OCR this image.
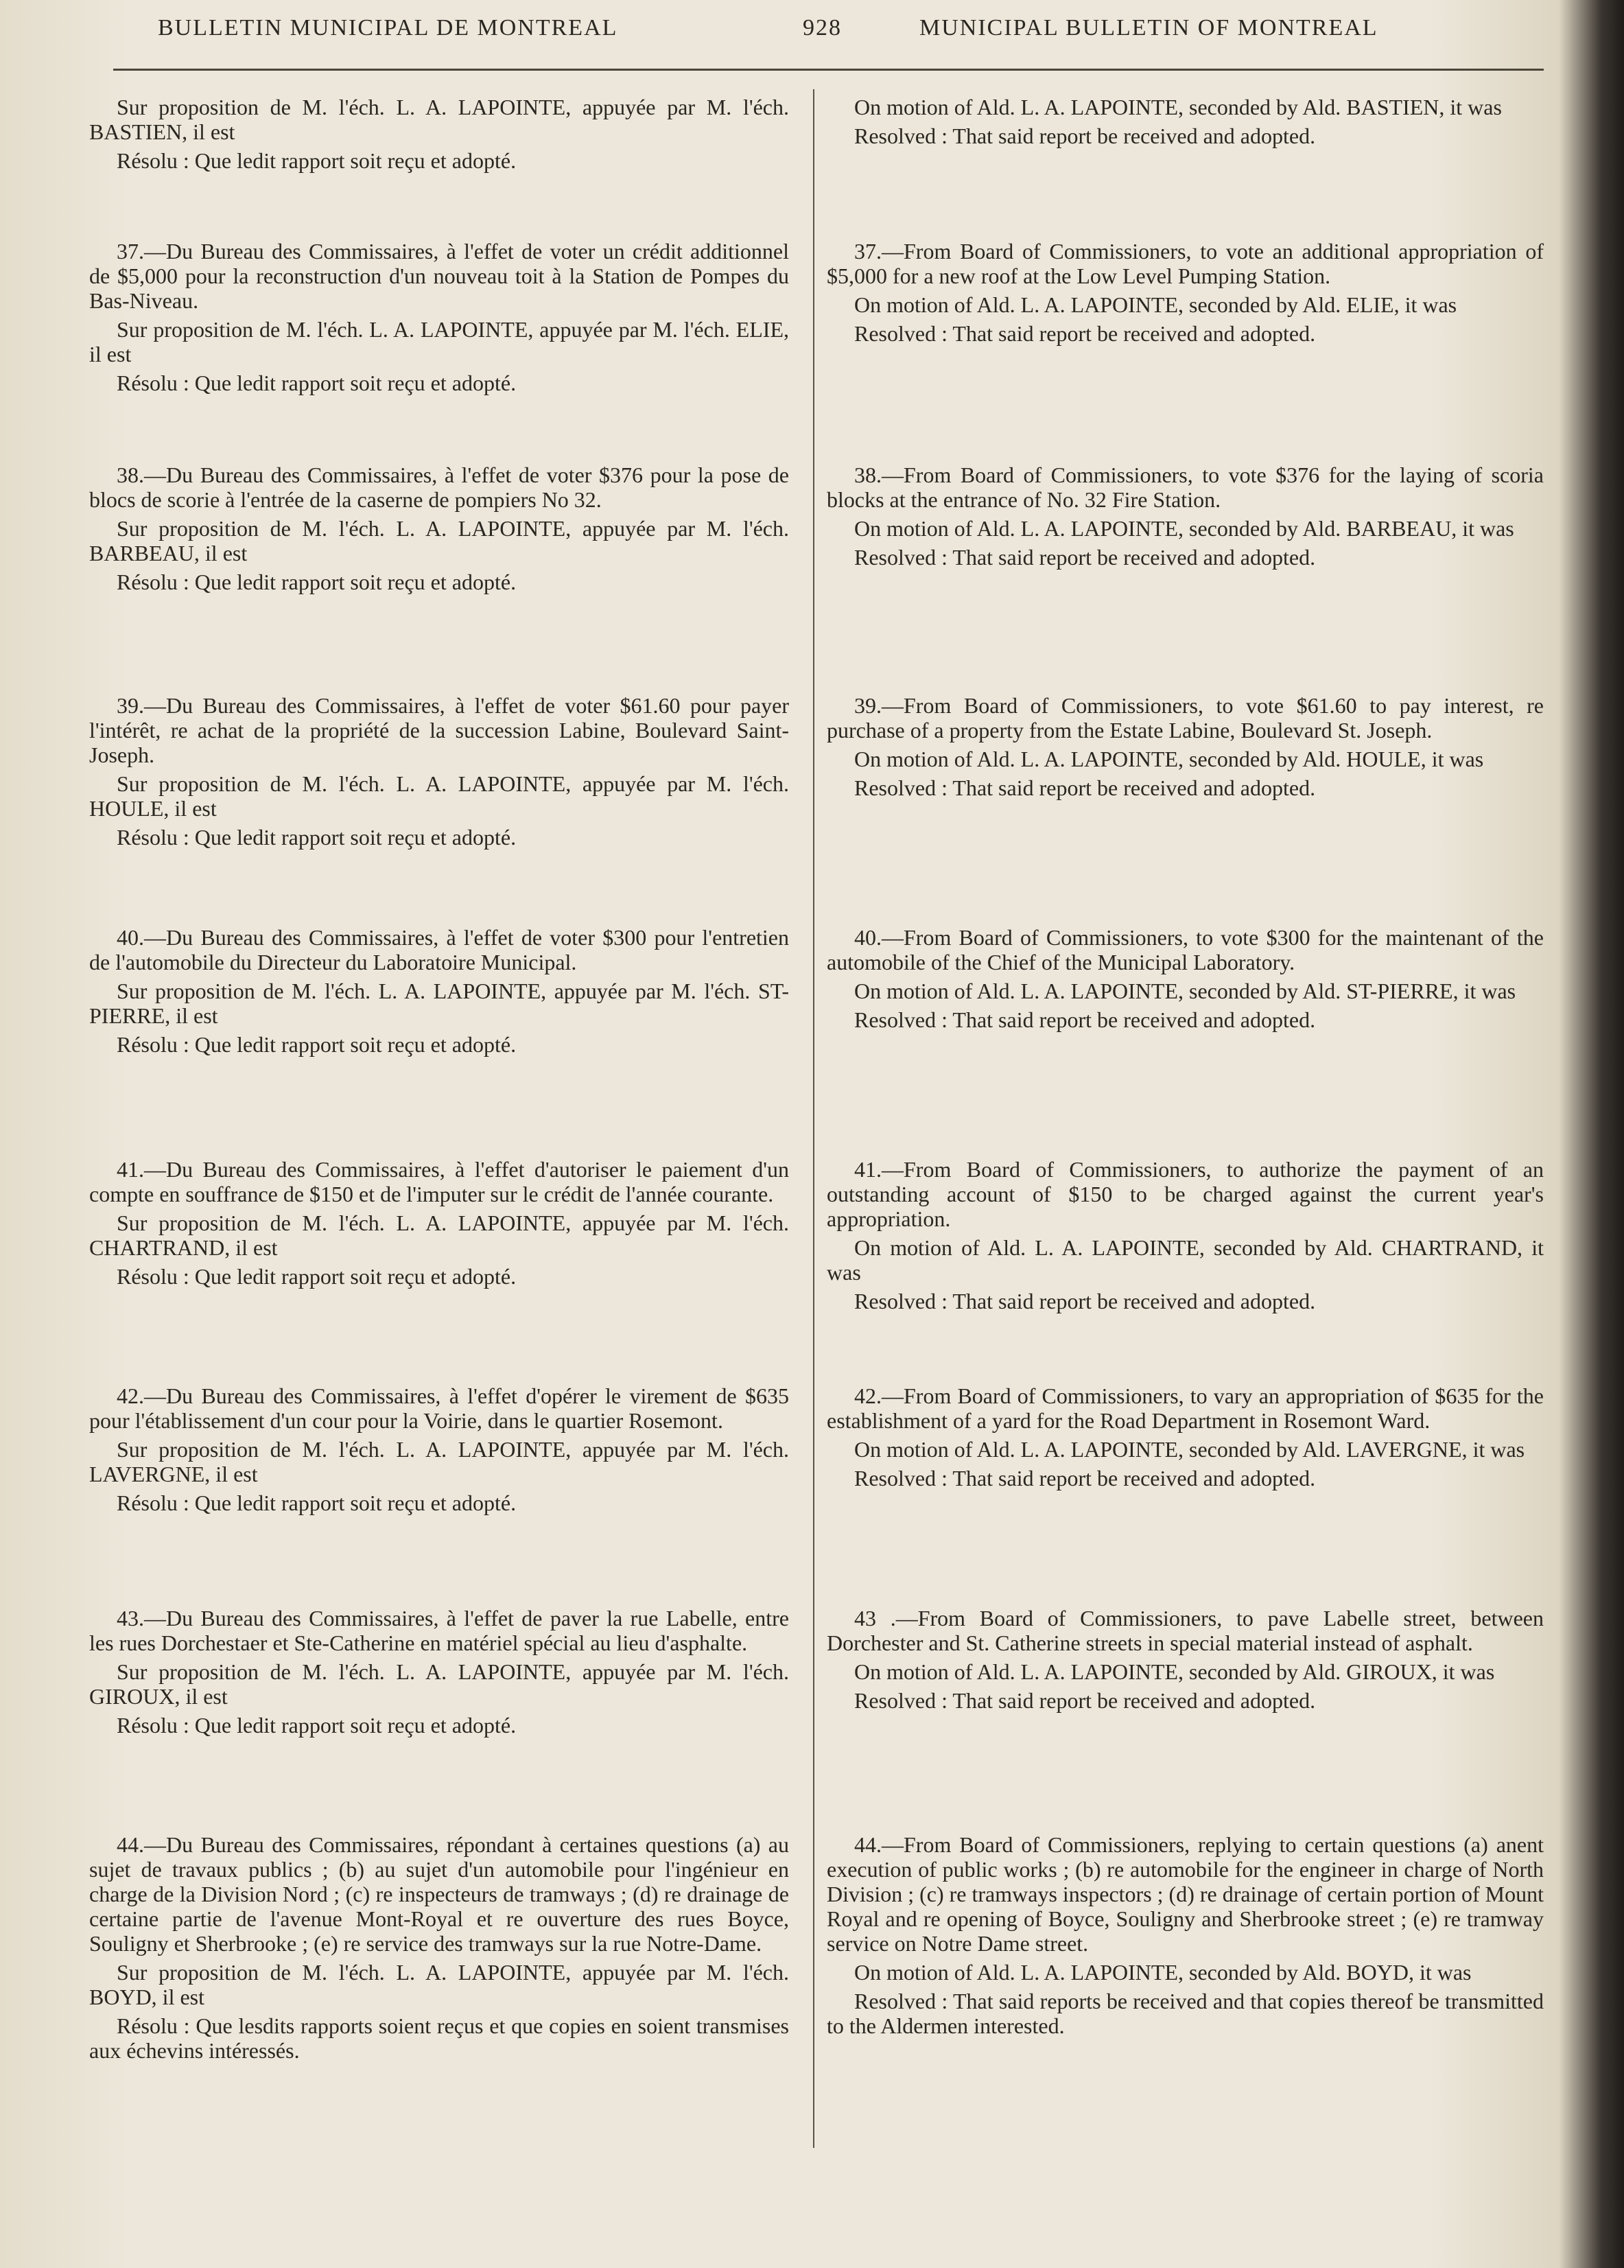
BULLETIN MUNICIPAL DE MONTREAL	928	MUNICIPAL BULLETIN OF MONTREAL

Sur proposition de M. l'éch. L. A. LAPOINTE, appuyée par M. l'éch. BASTIEN, il est

Résolu : Que ledit rapport soit reçu et adopté.

37.—Du Bureau des Commissaires, à l'effet de voter un crédit additionnel de $5,000 pour la reconstruction d'un nouveau toit à la Station de Pompes du Bas-Niveau.

Sur proposition de M. l'éch. L. A. LAPOINTE, appuyée par M. l'éch. ELIE, il est

Résolu : Que ledit rapport soit reçu et adopté.

38.—Du Bureau des Commissaires, à l'effet de voter $376 pour la pose de blocs de scorie à l'entrée de la caserne de pompiers No 32.

Sur proposition de M. l'éch. L. A. LAPOINTE, appuyée par M. l'éch. BARBEAU, il est

Résolu : Que ledit rapport soit reçu et adopté.

39.—Du Bureau des Commissaires, à l'effet de voter $61.60 pour payer l'intérêt, re achat de la propriété de la succession Labine, Boulevard Saint-Joseph.

Sur proposition de M. l'éch. L. A. LAPOINTE, appuyée par M. l'éch. HOULE, il est

Résolu : Que ledit rapport soit reçu et adopté.

40.—Du Bureau des Commissaires, à l'effet de voter $300 pour l'entretien de l'automobile du Directeur du Laboratoire Municipal.

Sur proposition de M. l'éch. L. A. LAPOINTE, appuyée par M. l'éch. ST-PIERRE, il est

Résolu : Que ledit rapport soit reçu et adopté.

41.—Du Bureau des Commissaires, à l'effet d'autoriser le paiement d'un compte en souffrance de $150 et de l'imputer sur le crédit de l'année courante.

Sur proposition de M. l'éch. L. A. LAPOINTE, appuyée par M. l'éch. CHARTRAND, il est

Résolu : Que ledit rapport soit reçu et adopté.

42.—Du Bureau des Commissaires, à l'effet d'opérer le virement de $635 pour l'établissement d'un cour pour la Voirie, dans le quartier Rosemont.

Sur proposition de M. l'éch. L. A. LAPOINTE, appuyée par M. l'éch. LAVERGNE, il est

Résolu : Que ledit rapport soit reçu et adopté.

43.—Du Bureau des Commissaires, à l'effet de paver la rue Labelle, entre les rues Dorchestaer et Ste-Catherine en matériel spécial au lieu d'asphalte.

Sur proposition de M. l'éch. L. A. LAPOINTE, appuyée par M. l'éch. GIROUX, il est

Résolu : Que ledit rapport soit reçu et adopté.

44.—Du Bureau des Commissaires, répondant à certaines questions (a) au sujet de travaux publics ; (b) au sujet d'un automobile pour l'ingénieur en charge de la Division Nord ; (c) re inspecteurs de tramways ; (d) re drainage de certaine partie de l'avenue Mont-Royal et re ouverture des rues Boyce, Souligny et Sherbrooke ; (e) re service des tramways sur la rue Notre-Dame.

Sur proposition de M. l'éch. L. A. LAPOINTE, appuyée par M. l'éch. BOYD, il est

Résolu : Que lesdits rapports soient reçus et que copies en soient transmises aux échevins intéressés.

On motion of Ald. L. A. LAPOINTE, seconded by Ald. BASTIEN, it was

Resolved : That said report be received and adopted.

37.—From Board of Commissioners, to vote an additional appropriation of $5,000 for a new roof at the Low Level Pumping Station.

On motion of Ald. L. A. LAPOINTE, seconded by Ald. ELIE, it was

Resolved : That said report be received and adopted.

38.—From Board of Commissioners, to vote $376 for the laying of scoria blocks at the entrance of No. 32 Fire Station.

On motion of Ald. L. A. LAPOINTE, seconded by Ald. BARBEAU, it was

Resolved : That said report be received and adopted.

39.—From Board of Commissioners, to vote $61.60 to pay interest, re purchase of a property from the Estate Labine, Boulevard St. Joseph.

On motion of Ald. L. A. LAPOINTE, seconded by Ald. HOULE, it was

Resolved : That said report be received and adopted.

40.—From Board of Commissioners, to vote $300 for the maintenant of the automobile of the Chief of the Municipal Laboratory.

On motion of Ald. L. A. LAPOINTE, seconded by Ald. ST-PIERRE, it was

Resolved : That said report be received and adopted.

41.—From Board of Commissioners, to authorize the payment of an outstanding account of $150 to be charged against the current year's appropriation.

On motion of Ald. L. A. LAPOINTE, seconded by Ald. CHARTRAND, it was

Resolved : That said report be received and adopted.

42.—From Board of Commissioners, to vary an appropriation of $635 for the establishment of a yard for the Road Department in Rosemont Ward.

On motion of Ald. L. A. LAPOINTE, seconded by Ald. LAVERGNE, it was

Resolved : That said report be received and adopted.

43 .—From Board of Commissioners, to pave Labelle street, between Dorchester and St. Catherine streets in special material instead of asphalt.

On motion of Ald. L. A. LAPOINTE, seconded by Ald. GIROUX, it was

Resolved : That said report be received and adopted.

44.—From Board of Commissioners, replying to certain questions (a) anent execution of public works ; (b) re automobile for the engineer in charge of North Division ; (c) re tramways inspectors ; (d) re drainage of certain portion of Mount Royal and re opening of Boyce, Souligny and Sherbrooke street ; (e) re tramway service on Notre Dame street.

On motion of Ald. L. A. LAPOINTE, seconded by Ald. BOYD, it was

Resolved : That said reports be received and that copies thereof be transmitted to the Aldermen interested.
